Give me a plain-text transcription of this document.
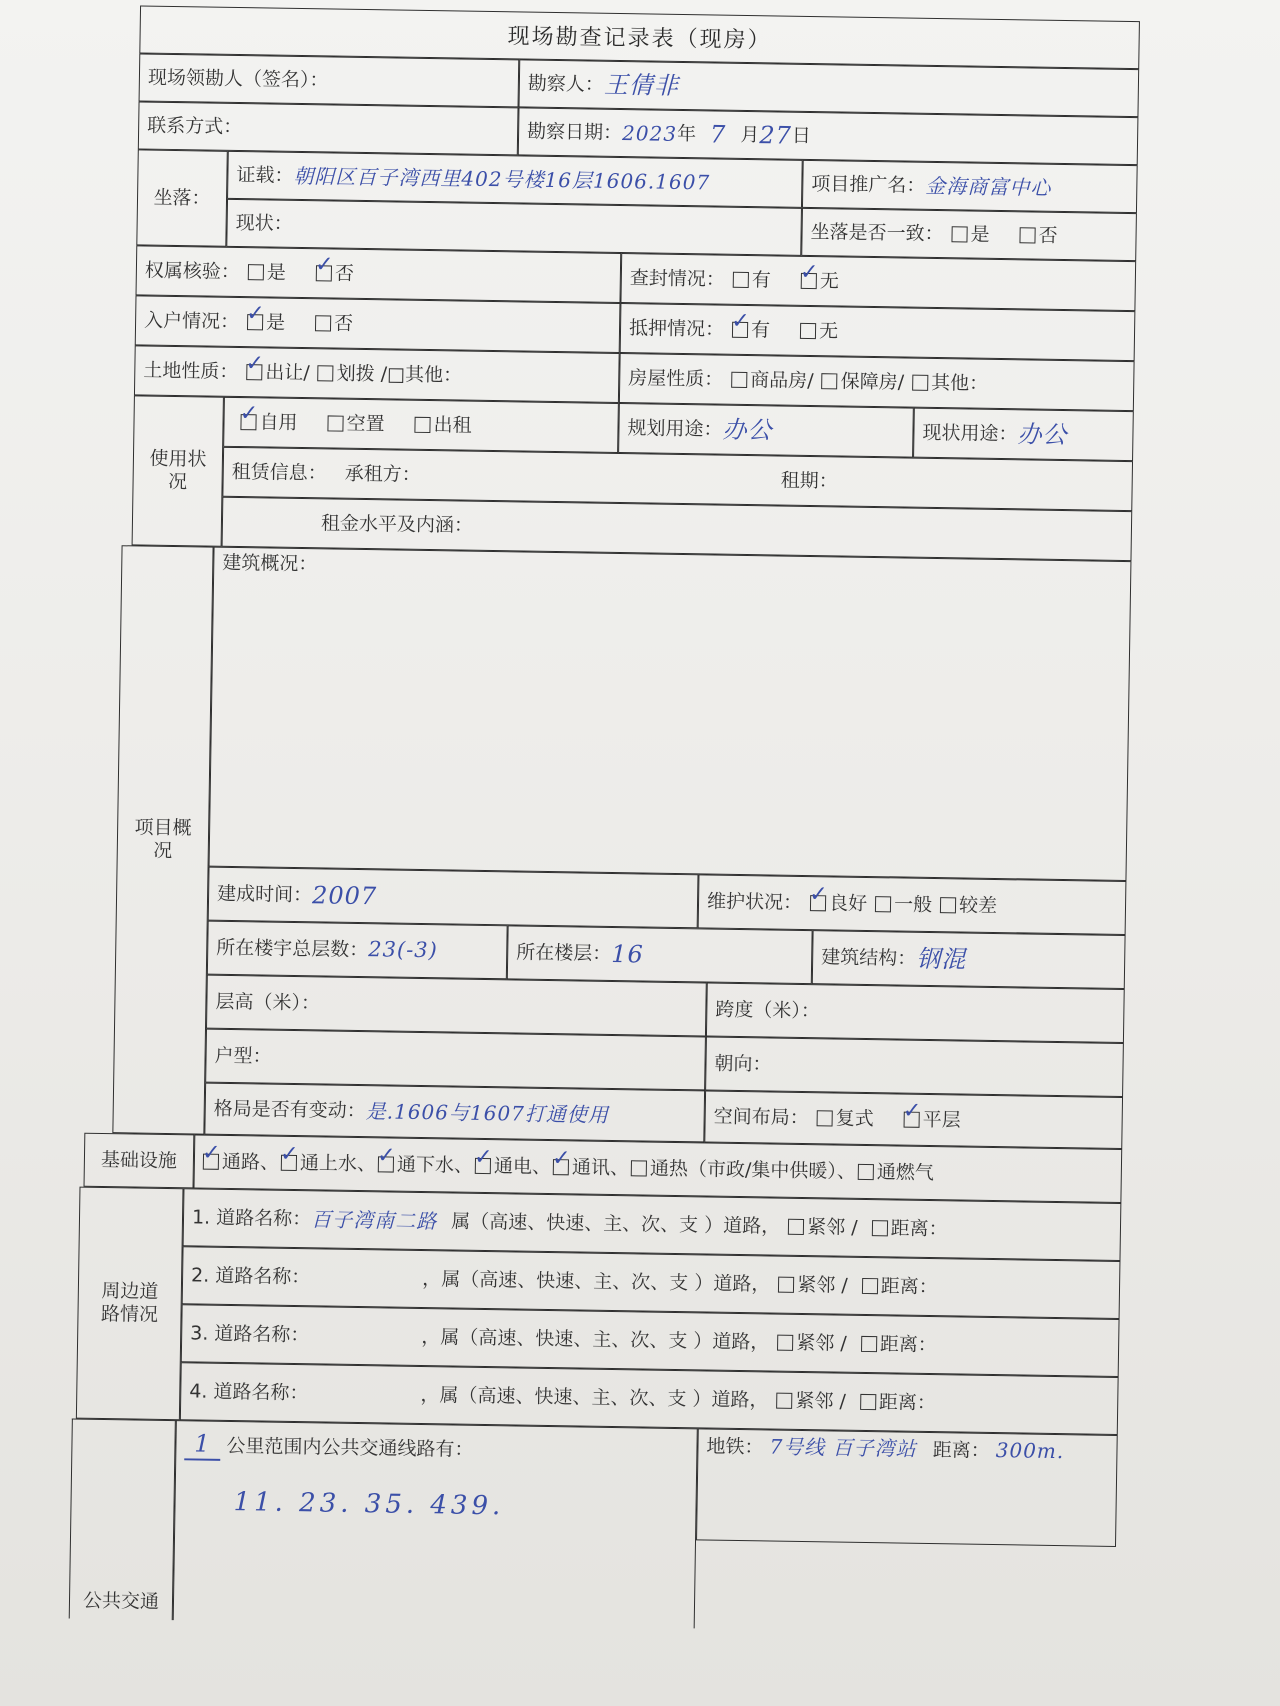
现场勘查记录表（现房）
现场领勘人（签名）：	勘察人： 王倩非
联系方式：	勘察日期： 2023 年 7 月 27 日
坐落：
证载： 朝阳区百子湾西里402号楼16层1606.1607	项目推广名： 金海商富中心
现状：	坐落是否一致： 是	否
权属核验： 是 ✓	否	查封情况： 有 ✓	无
入户情况： ✓ 是	否	抵押情况： ✓ 有	无
土地性质： ✓ 出让/ 划拨 /□其他：	房屋性质： 商品房/ 保障房/ 其他：
使用状况
✓
自用	空置	出租	规划用途： 办公	现状用途： 办公
租赁信息： 承租方：	租期：
租金水平及内涵：
项目概况
建筑概况：
建成时间： 2007	维护状况： ✓ 良好 一般 较差
所在楼宇总层数： 23(-3)	所在楼层： 16	建筑结构： 钢混
层高（米）：	跨度（米）：
户型：	朝向：
格局是否有变动： 是.1606与1607打通使用	空间布局： 复式 ✓	平层
基础设施 ✓ 通路、 ✓ 通上水、 ✓ 通下水、 ✓ 通电、 ✓ 通讯、 通热（市政/集中供暖）、 通燃气
周边道路情况
1. 道路名称： 百子湾南二路 属（高速、快速、主、次、支 ）道路， 紧邻 / 距离：
2. 道路名称：	， 属（高速、快速、主、次、支 ）道路， 紧邻 / 距离：
3. 道路名称：	， 属（高速、快速、主、次、支 ）道路， 紧邻 / 距离：
4. 道路名称：	， 属（高速、快速、主、次、支 ）道路， 紧邻 / 距离：
公共交通
1 公里范围内公共交通线路有：
11. 23. 35. 439.
地铁： 7号线 百子湾站 距离： 300m.
